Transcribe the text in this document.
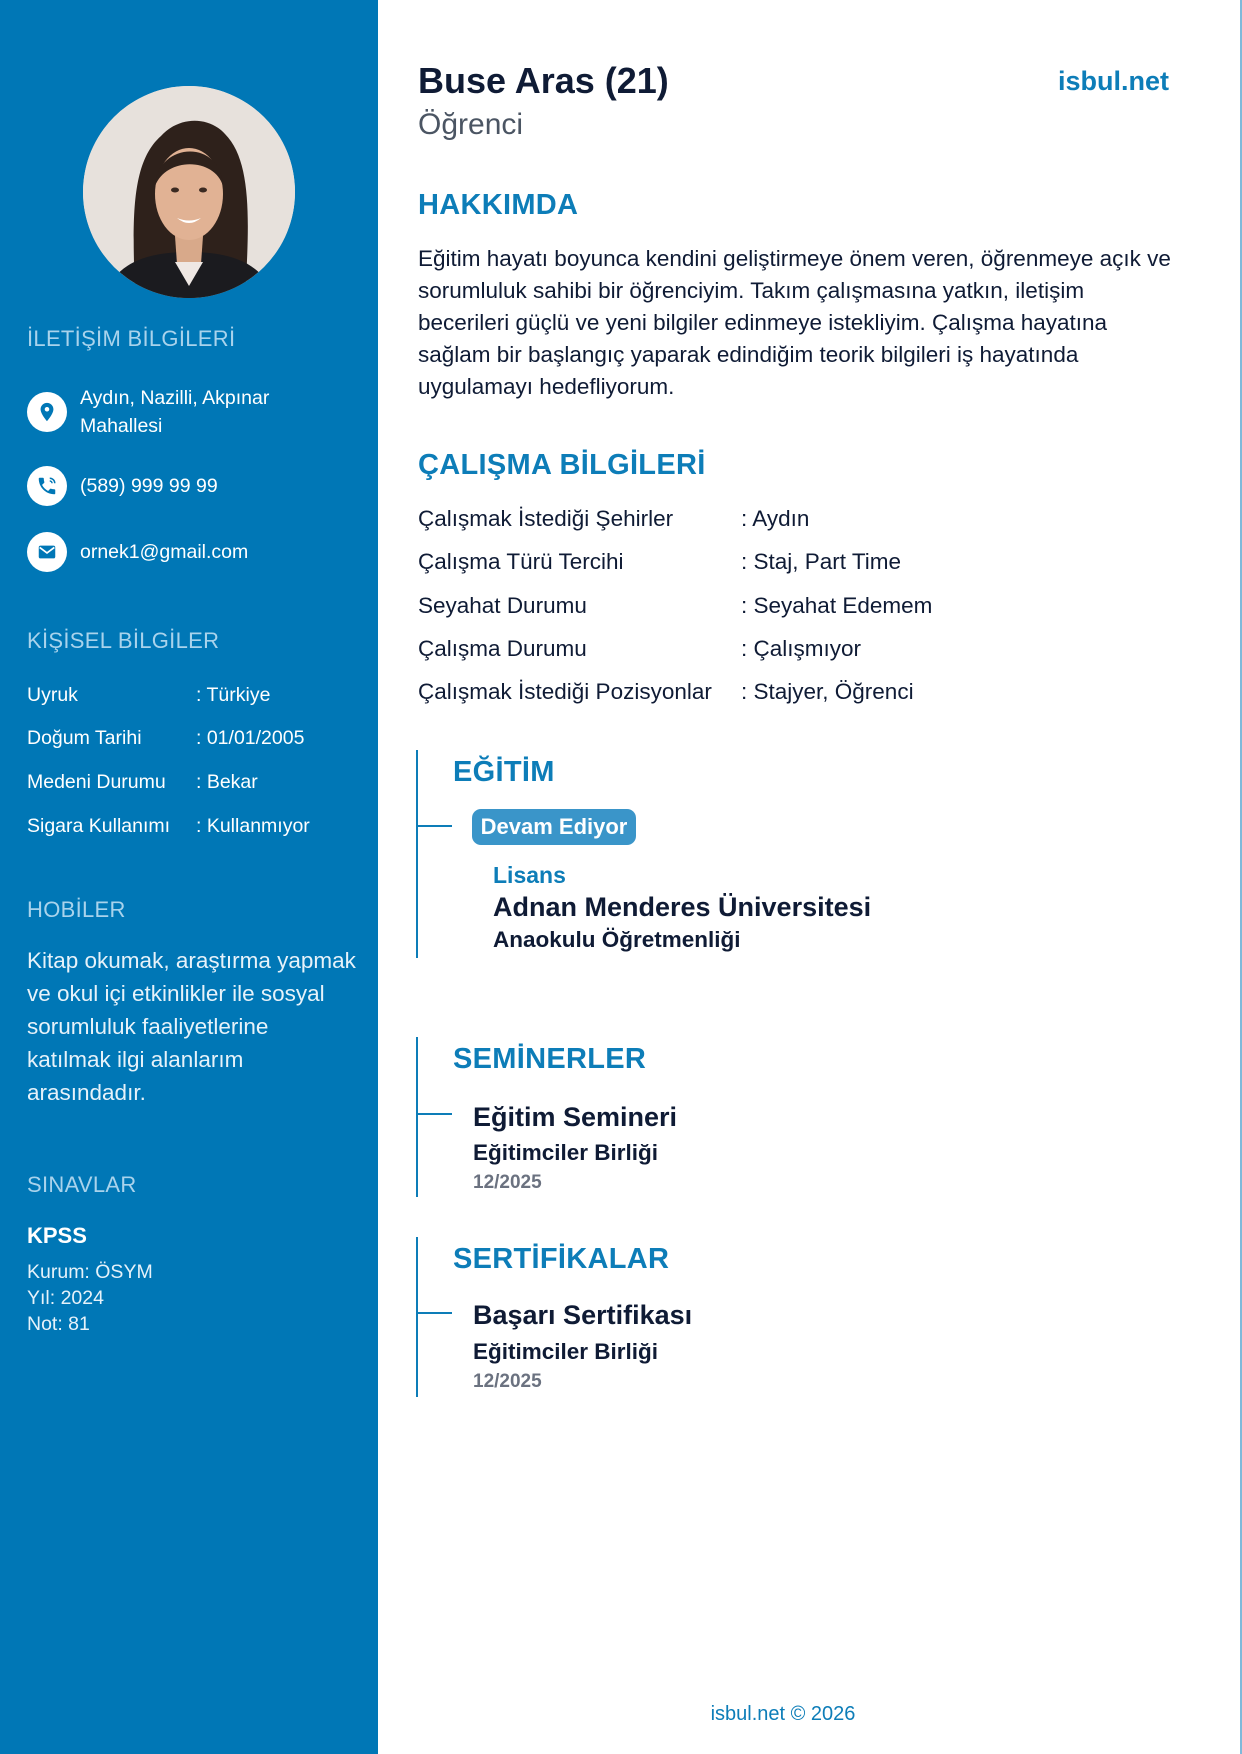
İLETİŞİM BİLGİLERİ
Aydın, Nazilli, Akpınar Mahallesi
(589) 999 99 99
ornek1@gmail.com
KİŞİSEL BİLGİLER
Uyruk	: Türkiye
Doğum Tarihi	: 01/01/2005
Medeni Durumu : Bekar
Sigara Kullanımı : Kullanmıyor
HOBİLER
Kitap okumak, araştırma yapmak ve okul içi etkinlikler ile sosyal sorumluluk faaliyetlerine katılmak ilgi alanlarım arasındadır.
SINAVLAR
KPSS
Kurum: ÖSYM
Yıl: 2024
Not: 81
Buse Aras (21)
Öğrenci
isbul.net
HAKKIMDA
Eğitim hayatı boyunca kendini geliştirmeye önem veren, öğrenmeye açık ve
sorumluluk sahibi bir öğrenciyim. Takım çalışmasına yatkın, iletişim
becerileri güçlü ve yeni bilgiler edinmeye istekliyim. Çalışma hayatına
sağlam bir başlangıç yaparak edindiğim teorik bilgileri iş hayatında
uygulamayı hedefliyorum.
ÇALIŞMA BİLGİLERİ
Çalışmak İstediği Şehirler	: Aydın
Çalışma Türü Tercihi	: Staj, Part Time
Seyahat Durumu	: Seyahat Edemem
Çalışma Durumu	: Çalışmıyor
Çalışmak İstediği Pozisyonlar : Stajyer, Öğrenci
EĞİTİM
Devam Ediyor
Lisans
Adnan Menderes Üniversitesi
Anaokulu Öğretmenliği
SEMİNERLER
Eğitim Semineri
Eğitimciler Birliği
12/2025
SERTİFİKALAR
Başarı Sertifikası
Eğitimciler Birliği
12/2025
isbul.net © 2026
